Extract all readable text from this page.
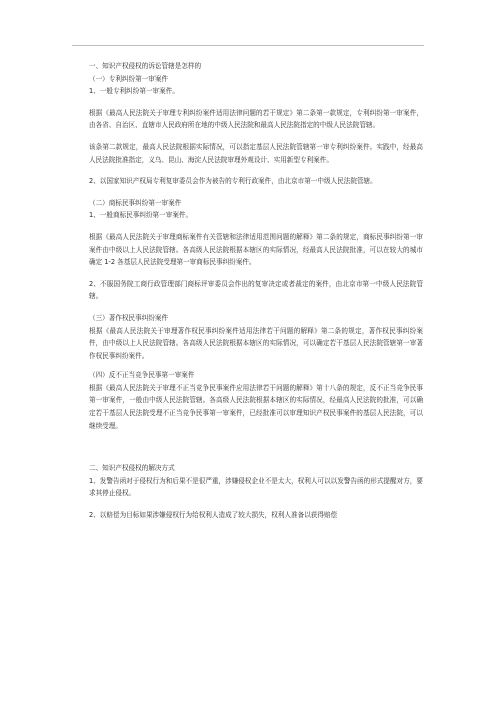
一、知识产权侵权的诉讼管辖是怎样的

（一）专利纠纷第一审案件

1、一般专利纠纷第一审案件。

根据《最高人民法院关于审理专利纠纷案件适用法律问题的若干规定》第二条第一款规定，专利纠纷第一审案件，由各省、自治区、直辖市人民政府所在地的中级人民法院和最高人民法院指定的中级人民法院管辖。

该条第二款规定，最高人民法院根据实际情况，可以指定基层人民法院管辖第一审专利纠纷案件。实践中，经最高人民法院批准指定，义乌、昆山、海淀人民法院审理外观设计、实用新型专利案件。

2、以国家知识产权局专利复审委员会作为被告的专利行政案件，由北京市第一中级人民法院管辖。

（二）商标民事纠纷第一审案件

1、一般商标民事纠纷第一审案件。

根据《最高人民法院关于审理商标案件有关管辖和法律适用范围问题的解释》第二条的规定，商标民事纠纷第一审案件由中级以上人民法院管辖。各高级人民法院根据本辖区的实际情况，经最高人民法院批准，可以在较大的城市确定 1-2 各基层人民法院受理第一审商标民事纠纷案件。

2、不服国务院工商行政管理部门商标评审委员会作出的复审决定或者裁定的案件，由北京市第一中级人民法院管辖。

（三）著作权民事纠纷案件

根据《最高人民法院关于审理著作权民事纠纷案件适用法律若干问题的解释》第二条的规定，著作权民事纠纷案件，由中级以上人民法院管辖。各高级人民法院根据本辖区的实际情况，可以确定若干基层人民法院管辖第一审著作权民事纠纷案件。

（四）反不正当竞争民事第一审案件

根据《最高人民法院关于审理不正当竞争民事案件应用法律若干问题的解释》第十八条的规定，反不正当竞争民事第一审案件，一般由中级人民法院管辖。各高级人民法院根据本辖区的实际情况，经最高人民法院的批准，可以确定若干基层人民法院受理不正当竞争民事第一审案件，已经批准可以审理知识产权民事案件的基层人民法院，可以继续受理。

二、知识产权侵权的解决方式

1、发警告函对于侵权行为和后果不是很严重，涉嫌侵权企业不是太大，权利人可以以发警告函的形式提醒对方，要求其停止侵权。

2、以赔偿为目标如果涉嫌侵权行为给权利人造成了较大损失，权利人准备以获得赔偿
